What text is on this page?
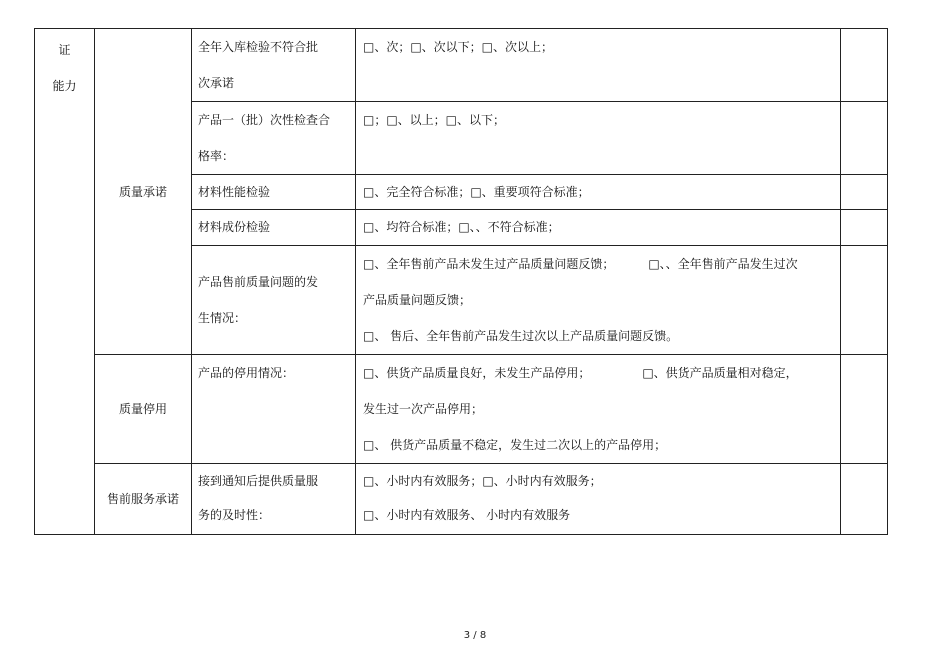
证
能力	质量承诺	全年入库检验不符合批
次承诺	□、次；□、次以下；□、次以上；	

		产品一（批）次性检查合
格率：	□；□、以上；□、以下；	

		材料性能检验	□、完全符合标准；□、重要项符合标准；	

		材料成份检验	□、均符合标准；□、、不符合标准；	

		产品售前质量问题的发
生情况：	□、全年售前产品未发生过产品质量问题反馈； □、、全年售前产品发生过次
产品质量问题反馈；
□、 售后、全年售前产品发生过次以上产品质量问题反馈。	

	质量停用	产品的停用情况：	□、供货产品质量良好，未发生产品停用； □、供货产品质量相对稳定，
发生过一次产品停用；
□、 供货产品质量不稳定，发生过二次以上的产品停用；	

	售前服务承诺	接到通知后提供质量服
务的及时性：	□、小时内有效服务；□、小时内有效服务；
□、小时内有效服务、 小时内有效服务	

3 / 8
